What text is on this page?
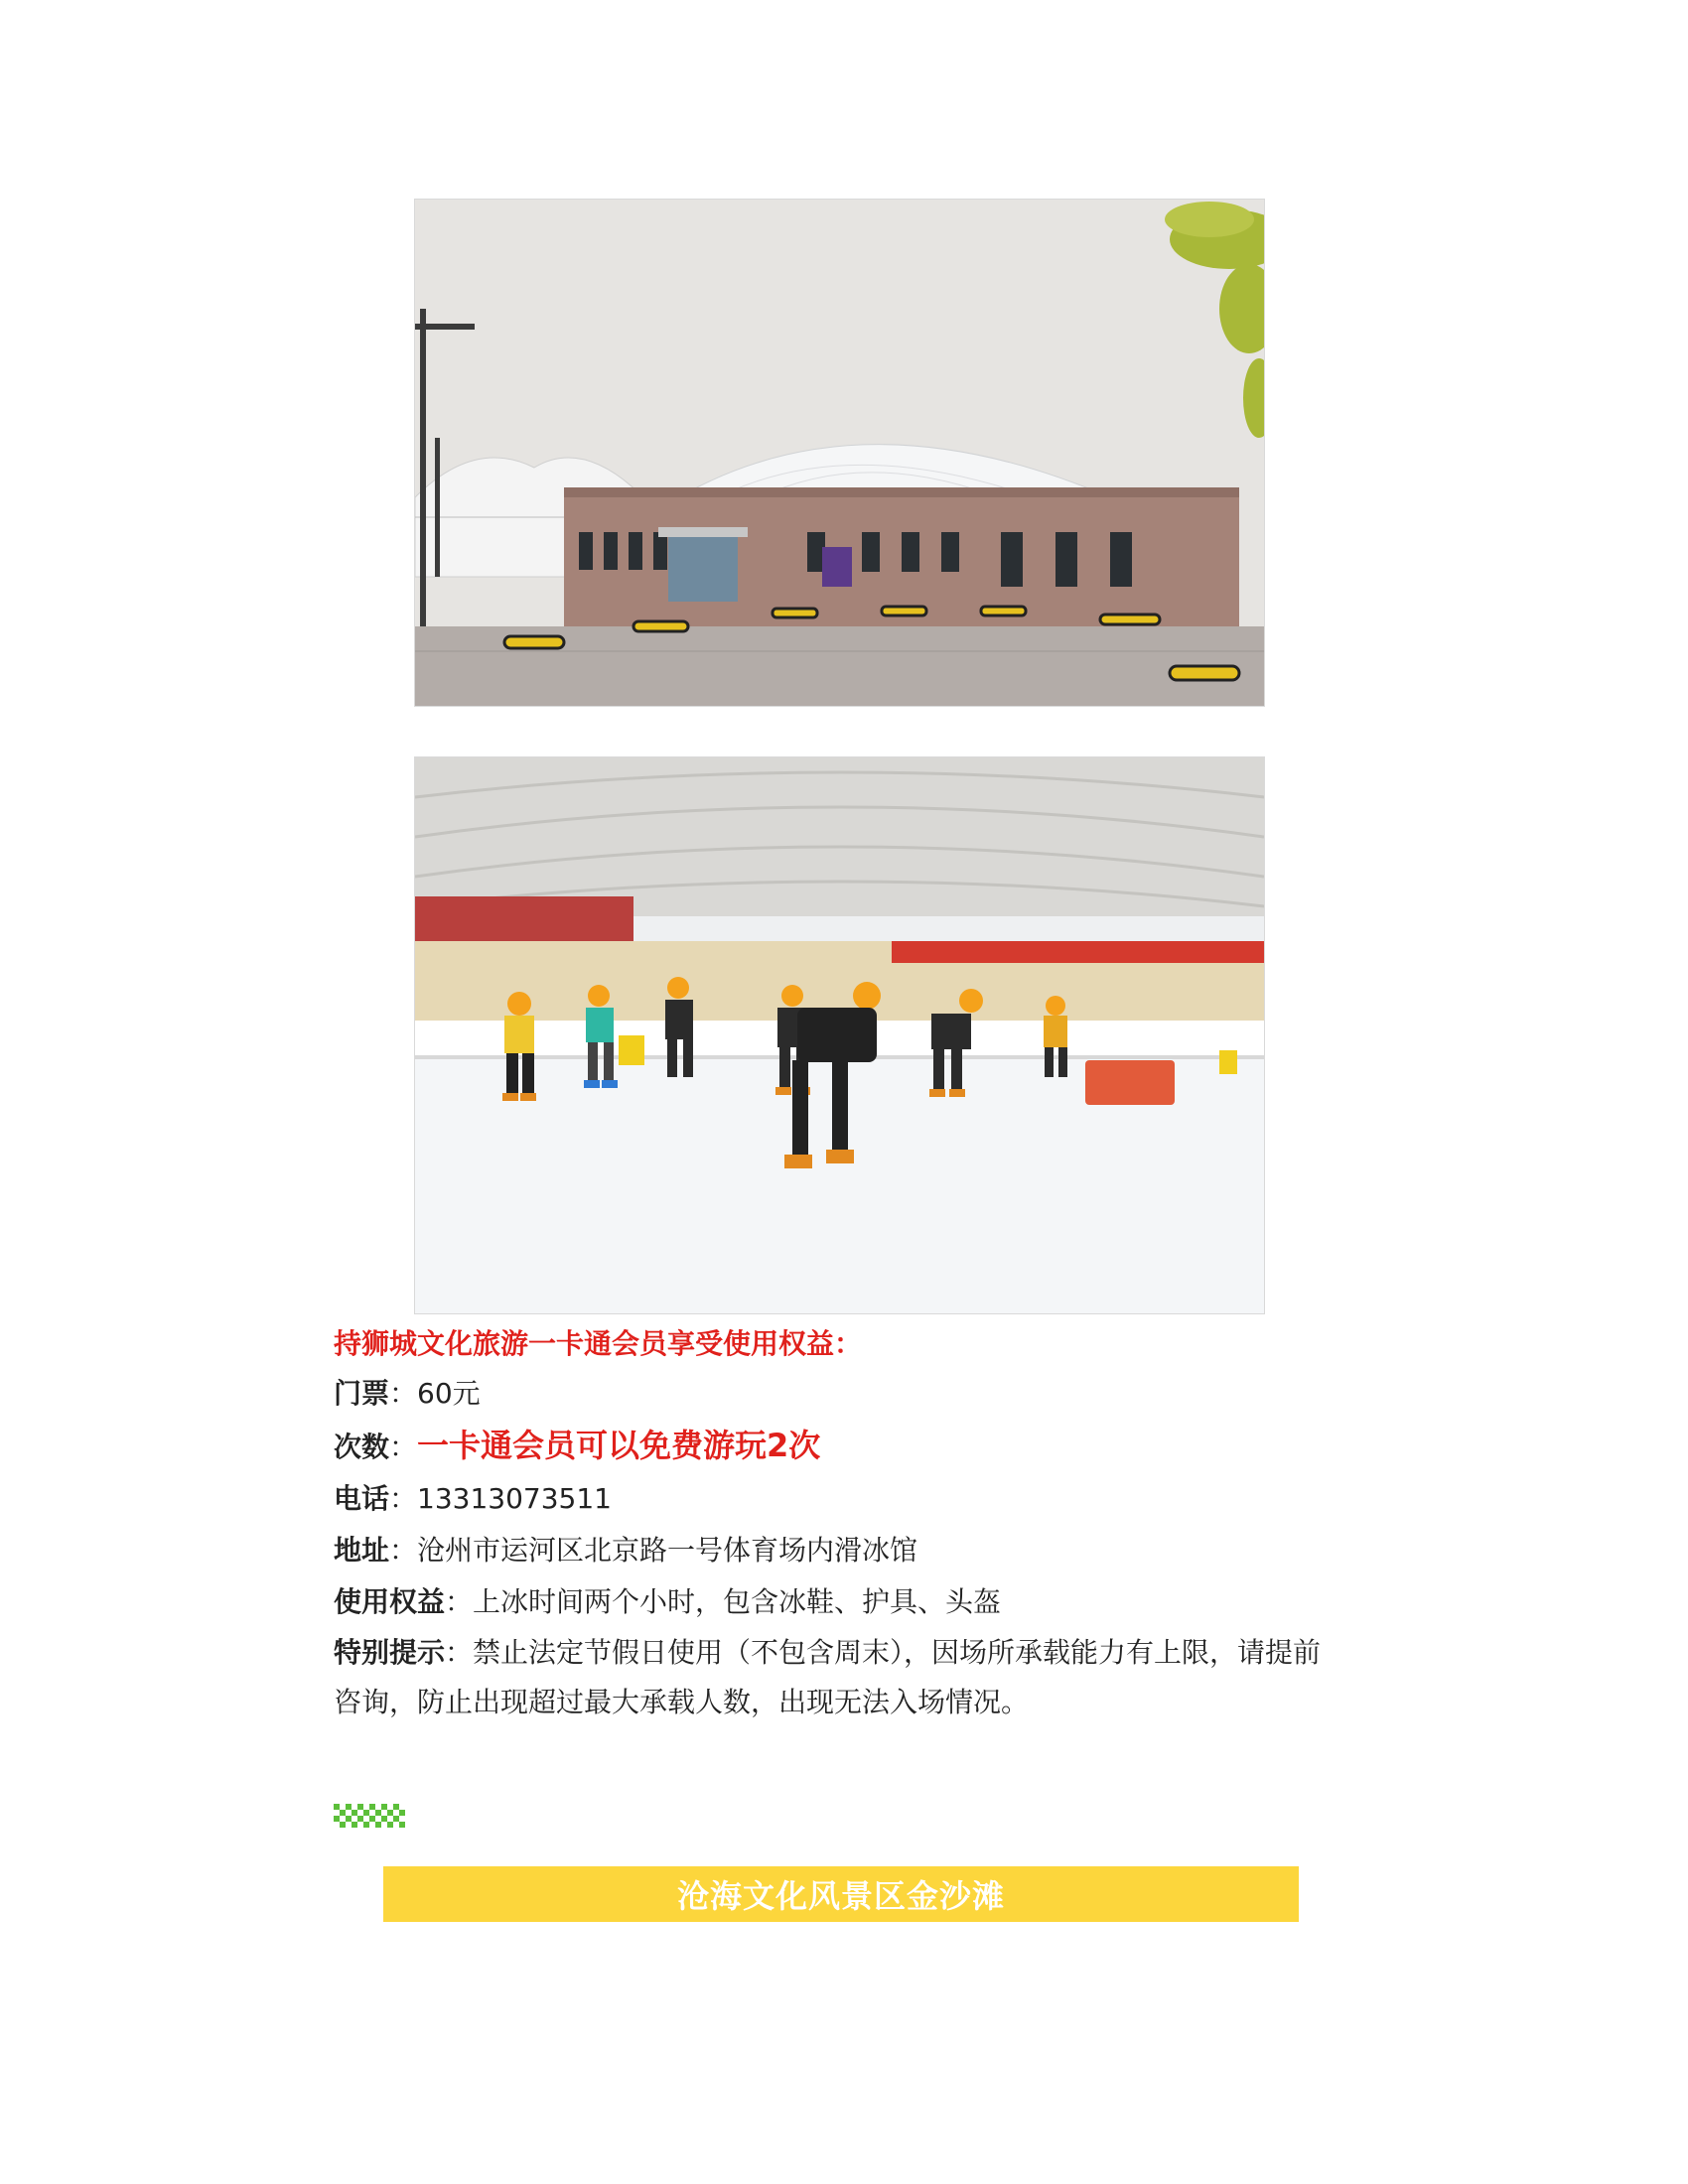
持狮城文化旅游一卡通会员享受使用权益：

门票：60元

次数：一卡通会员可以免费游玩2次

电话：13313073511

地址：沧州市运河区北京路一号体育场内滑冰馆

使用权益：上冰时间两个小时，包含冰鞋、护具、头盔

特别提示：禁止法定节假日使用（不包含周末），因场所承载能力有上限，请提前咨询，防止出现超过最大承载人数，出现无法入场情况。

沧海文化风景区金沙滩
